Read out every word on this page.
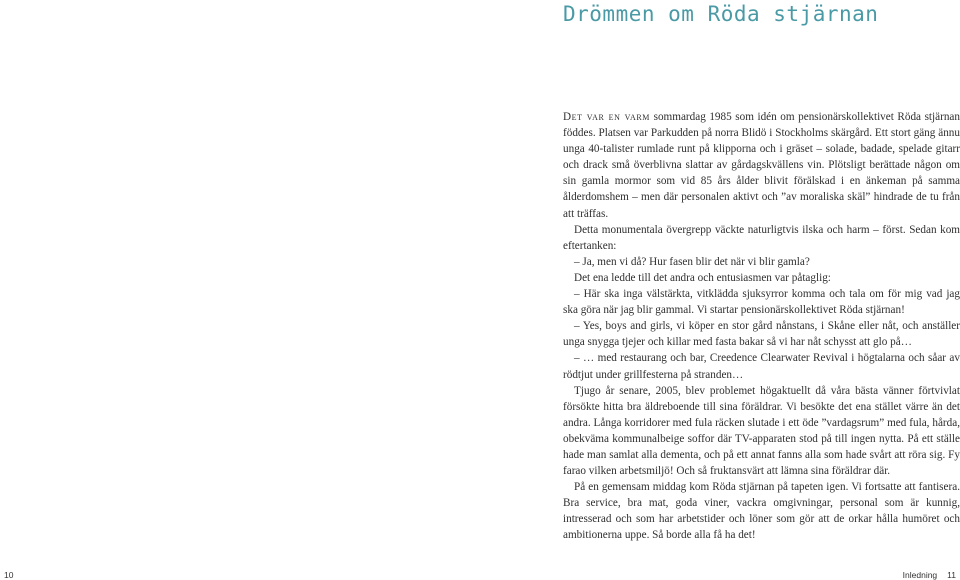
Drömmen om Röda stjärnan

Det var en varm sommardag 1985 som idén om pensionärskollektivet Röda stjärnan föddes. Platsen var Parkudden på norra Blidö i Stockholms skärgård. Ett stort gäng ännu unga 40-talister rumlade runt på klipporna och i gräset – solade, badade, spelade gitarr och drack små överblivna slattar av gårdagskvällens vin. Plötsligt berättade någon om sin gamla mormor som vid 85 års ålder blivit förälskad i en änkeman på samma ålderdomshem – men där personalen aktivt och ”av moraliska skäl” hindrade de tu från att träffas.

Detta monumentala övergrepp väckte naturligtvis ilska och harm – först. Sedan kom eftertanken:

– Ja, men vi då? Hur fasen blir det när vi blir gamla?

Det ena ledde till det andra och entusiasmen var påtaglig:

– Här ska inga välstärkta, vitklädda sjuksyrror komma och tala om för mig vad jag ska göra när jag blir gammal. Vi startar pensionärskollektivet Röda stjärnan!

– Yes, boys and girls, vi köper en stor gård nånstans, i Skåne eller nåt, och anställer unga snygga tjejer och killar med fasta bakar så vi har nåt schysst att glo på…

– … med restaurang och bar, Creedence Clearwater Revival i högtalarna och såar av rödtjut under grillfesterna på stranden…

Tjugo år senare, 2005, blev problemet högaktuellt då våra bästa vänner förtvivlat försökte hitta bra äldreboende till sina föräldrar. Vi besökte det ena stället värre än det andra. Långa korridorer med fula räcken slutade i ett öde ”vardagsrum” med fula, hårda, obekväma kommunalbeige soffor där TV-apparaten stod på till ingen nytta. På ett ställe hade man samlat alla dementa, och på ett annat fanns alla som hade svårt att röra sig. Fy farao vilken arbetsmiljö! Och så fruktansvärt att lämna sina föräldrar där.

På en gemensam middag kom Röda stjärnan på tapeten igen. Vi fortsatte att fantisera. Bra service, bra mat, goda viner, vackra omgivningar, personal som är kunnig, intresserad och som har arbetstider och löner som gör att de orkar hålla humöret och ambitionerna uppe. Så borde alla få ha det!

10	Inledning 11
